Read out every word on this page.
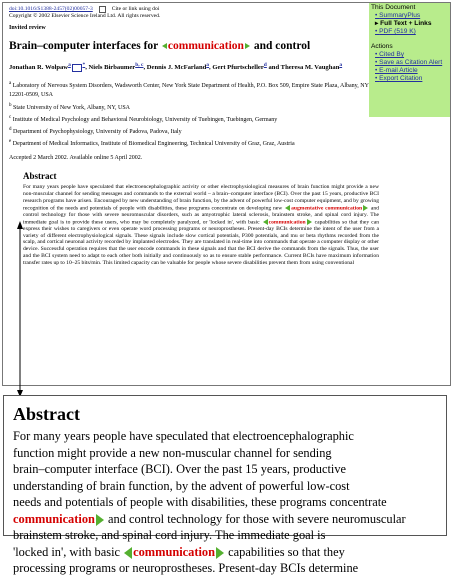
doi:10.1016/S1388-2457(02)00057-3	Cite or link using doi
Copyright © 2002 Elsevier Science Ireland Ltd. All rights reserved.
Invited review
Brain–computer interfaces for communication and control
Jonathan R. Wolpaw$^a$ *, Niels Birbaumer$^{b, c}$, Dennis J. McFarland$^a$, Gert Pfurtscheller$^d$ and Theresa M. Vaughan$^a$
$^a$ Laboratory of Nervous System Disorders, Wadsworth Center, New York State Department of Health, P.O. Box 509, Empire State Plaza, Albany, NY 12201-0509, USA
$^b$ State University of New York, Albany, NY, USA
$^c$ Institute of Medical Psychology and Behavioral Neurobiology, University of Tuebingen, Tuebingen, Germany
$^d$ Department of Psychophysiology, University of Padova, Padova, Italy
$^e$ Department of Medical Informatics, Institute of Biomedical Engineering, Technical University of Graz, Graz, Austria
Accepted 2 March 2002. Available online 5 April 2002.
Abstract
For many years people have speculated that electroencephalographic activity or other electrophysiological measures of brain function might provide a new non-muscular channel for sending messages and commands to the external world – a brain–computer interface (BCI). Over the past 15 years, productive BCI research programs have arisen. Encouraged by new understanding of brain function, by the advent of powerful low-cost computer equipment, and by growing recognition of the needs and potentials of people with disabilities, these programs concentrate on developing new augmentative communication and control technology for those with severe neuromuscular disorders, such as amyotrophic lateral sclerosis, brainstem stroke, and spinal cord injury. The immediate goal is to provide these users, who may be completely paralyzed, or 'locked in', with basic communication capabilities so that they can express their wishes to caregivers or even operate word processing programs or neuroprostheses. Present-day BCIs determine the intent of the user from a variety of different electrophysiological signals. These signals include slow cortical potentials, P300 potentials, and mu or beta rhythms recorded from the scalp, and cortical neuronal activity recorded by implanted electrodes. They are translated in real-time into commands that operate a computer display or other device. Successful operation requires that the user encode commands in these signals and that the BCI derive the commands from the signals. Thus, the user and the BCI system need to adapt to each other both initially and continuously so as to ensure stable performance. Current BCIs have maximum information transfer rates up to 10–25 bits/min. This limited capacity can be valuable for people whose severe disabilities prevent them from using conventional
This Document
• SummaryPlus
▸ Full Text + Links
• PDF (519 K)
Actions
• Cited By
• Save as Citation Alert
• E-mail Article
• Export Citation
Abstract
For many years people have speculated that electroencephalographic
function might provide a new non-muscular channel for sending
brain–computer interface (BCI). Over the past 15 years, productive
understanding of brain function, by the advent of powerful low-cost
needs and potentials of people with disabilities, these programs concentrate
communication and control technology for those with severe neuromuscular
brainstem stroke, and spinal cord injury. The immediate goal is
'locked in', with basic communication capabilities so that they
processing programs or neuroprostheses. Present-day BCIs determine
